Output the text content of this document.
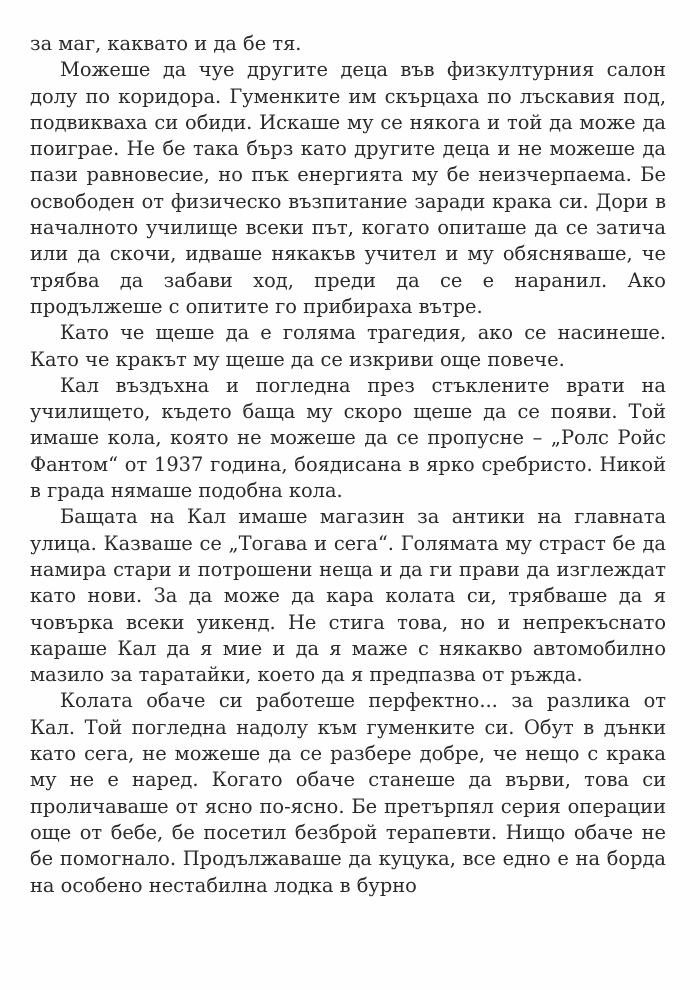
за маг, каквато и да бе тя.

Можеше да чуе другите деца във физкултурния салон долу по коридора. Гуменките им скърцаха по лъскавия под, подвикваха си обиди. Искаше му се някога и той да може да поиграе. Не бе така бърз като другите деца и не можеше да пази равновесие, но пък енергията му бе неизчерпаема. Бе освободен от физическо възпитание заради крака си. Дори в началното училище всеки път, когато опиташе да се затича или да скочи, идваше някакъв учител и му обясняваше, че трябва да забави ход, преди да се е наранил. Ако продължеше с опитите го прибираха вътре.

Като че щеше да е голяма трагедия, ако се насинеше. Като че кракът му щеше да се изкриви още повече.

Кал въздъхна и погледна през стъклените врати на училището, където баща му скоро щеше да се появи. Той имаше кола, която не можеше да се пропусне – „Ролс Ройс Фантом“ от 1937 година, боядисана в ярко сребристо. Никой в града нямаше подобна кола.

Бащата на Кал имаше магазин за антики на главната улица. Казваше се „Тогава и сега“. Голямата му страст бе да намира стари и потрошени неща и да ги прави да изглеждат като нови. За да може да кара колата си, трябваше да я човърка всеки уикенд. Не стига това, но и непрекъснато караше Кал да я мие и да я маже с някакво автомобилно мазило за таратайки, което да я предпазва от ръжда.

Колата обаче си работеше перфектно... за разлика от Кал. Той погледна надолу към гуменките си. Обут в дънки като сега, не можеше да се разбере добре, че нещо с крака му не е наред. Когато обаче станеше да върви, това си проличаваше от ясно по-ясно. Бе претърпял серия операции още от бебе, бе посетил безброй терапевти. Нищо обаче не бе помогнало. Продължаваше да куцука, все едно е на борда на особено нестабилна лодка в бурно
